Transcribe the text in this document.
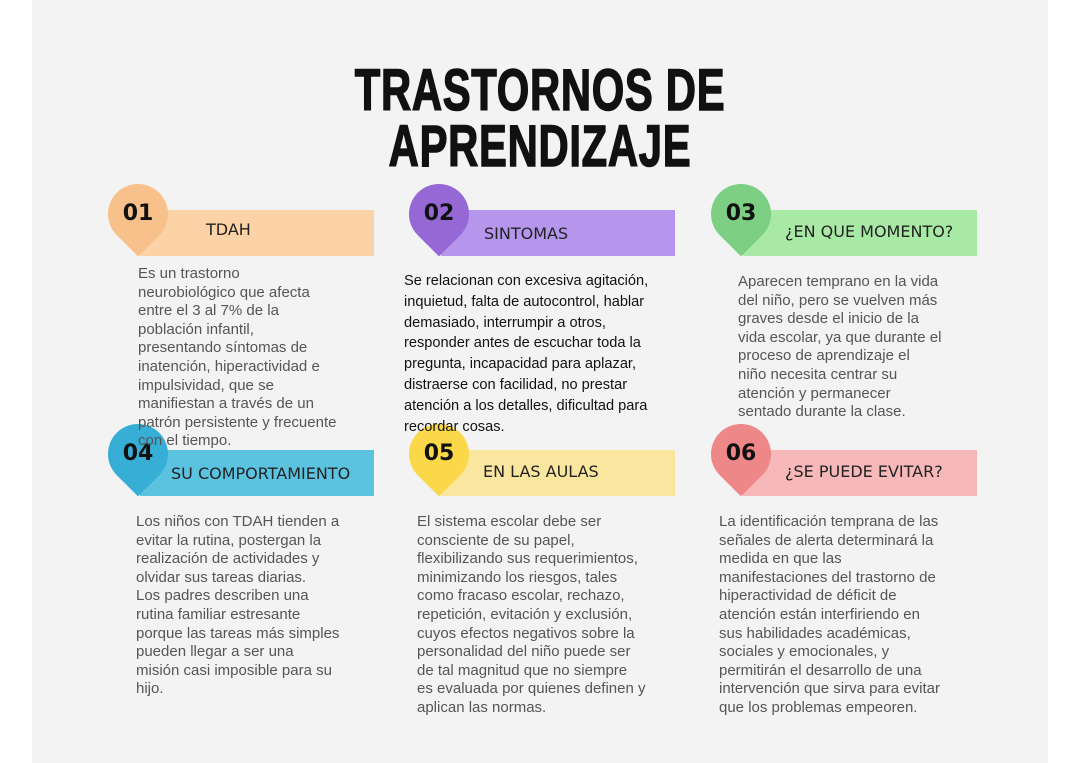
TRASTORNOS DE
APRENDIZAJE
TDAH
01
Es un trastorno
neurobiológico que afecta
entre el 3 al 7% de la
población infantil,
presentando síntomas de
inatención, hiperactividad e
impulsividad, que se
manifiestan a través de un
patrón persistente y frecuente
con el tiempo.
SINTOMAS
02
Se relacionan con excesiva agitación,
inquietud, falta de autocontrol, hablar
demasiado, interrumpir a otros,
responder antes de escuchar toda la
pregunta, incapacidad para aplazar,
distraerse con facilidad, no prestar
atención a los detalles, dificultad para
recordar cosas.
¿EN QUE MOMENTO?
03
Aparecen temprano en la vida
del niño, pero se vuelven más
graves desde el inicio de la
vida escolar, ya que durante el
proceso de aprendizaje el
niño necesita centrar su
atención y permanecer
sentado durante la clase.
SU COMPORTAMIENTO
04
Los niños con TDAH tienden a
evitar la rutina, postergan la
realización de actividades y
olvidar sus tareas diarias.
Los padres describen una
rutina familiar estresante
porque las tareas más simples
pueden llegar a ser una
misión casi imposible para su
hijo.
EN LAS AULAS
05
El sistema escolar debe ser
consciente de su papel,
flexibilizando sus requerimientos,
minimizando los riesgos, tales
como fracaso escolar, rechazo,
repetición, evitación y exclusión,
cuyos efectos negativos sobre la
personalidad del niño puede ser
de tal magnitud que no siempre
es evaluada por quienes definen y
aplican las normas.
¿SE PUEDE EVITAR?
06
La identificación temprana de las
señales de alerta determinará la
medida en que las
manifestaciones del trastorno de
hiperactividad de déficit de
atención están interfiriendo en
sus habilidades académicas,
sociales y emocionales, y
permitirán el desarrollo de una
intervención que sirva para evitar
que los problemas empeoren.
